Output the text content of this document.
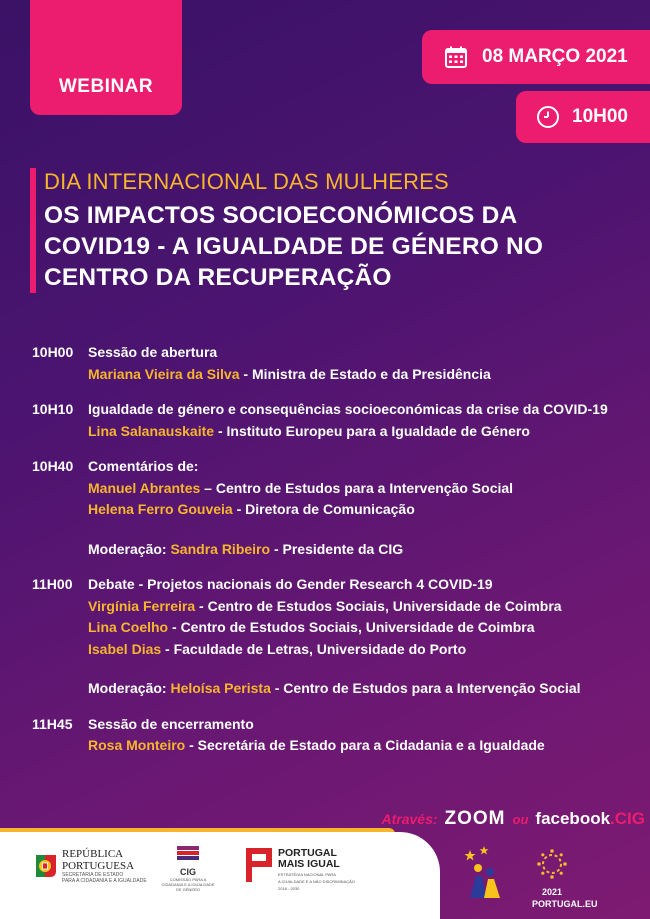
WEBINAR
08 MARÇO 2021
10H00
DIA INTERNACIONAL DAS MULHERES
OS IMPACTOS SOCIOECONÓMICOS DA
COVID19 - A IGUALDADE DE GÉNERO NO
CENTRO DA RECUPERAÇÃO
10H00	Sessão de abertura
Mariana Vieira da Silva - Ministra de Estado e da Presidência
10H10	Igualdade de género e consequências socioeconómicas da crise da COVID-19
Lina Salanauskaite - Instituto Europeu para a Igualdade de Género
10H40	Comentários de:
Manuel Abrantes – Centro de Estudos para a Intervenção Social
Helena Ferro Gouveia - Diretora de Comunicação
Moderação: Sandra Ribeiro - Presidente da CIG
11H00	Debate - Projetos nacionais do Gender Research 4 COVID-19
Virgínia Ferreira - Centro de Estudos Sociais, Universidade de Coimbra
Lina Coelho - Centro de Estudos Sociais, Universidade de Coimbra
Isabel Dias - Faculdade de Letras, Universidade do Porto
Moderação: Heloísa Perista - Centro de Estudos para a Intervenção Social
11H45	Sessão de encerramento
Rosa Monteiro - Secretária de Estado para a Cidadania e a Igualdade
Através: ZOOM ou facebook.CIG
REPÚBLICA
PORTUGUESA
SECRETARIA DE ESTADO
PARA A CIDADANIA E A IGUALDADE
CIG
COMISSÃO PARA A CIDADANIA E A IGUALDADE DE GÉNERO
PORTUGAL
MAIS IGUAL
ESTRATÉGIA NACIONAL PARA
A IGUALDADE E A NÃO DISCRIMINAÇÃO
2018 - 2030	2021
PORTUGAL.EU
